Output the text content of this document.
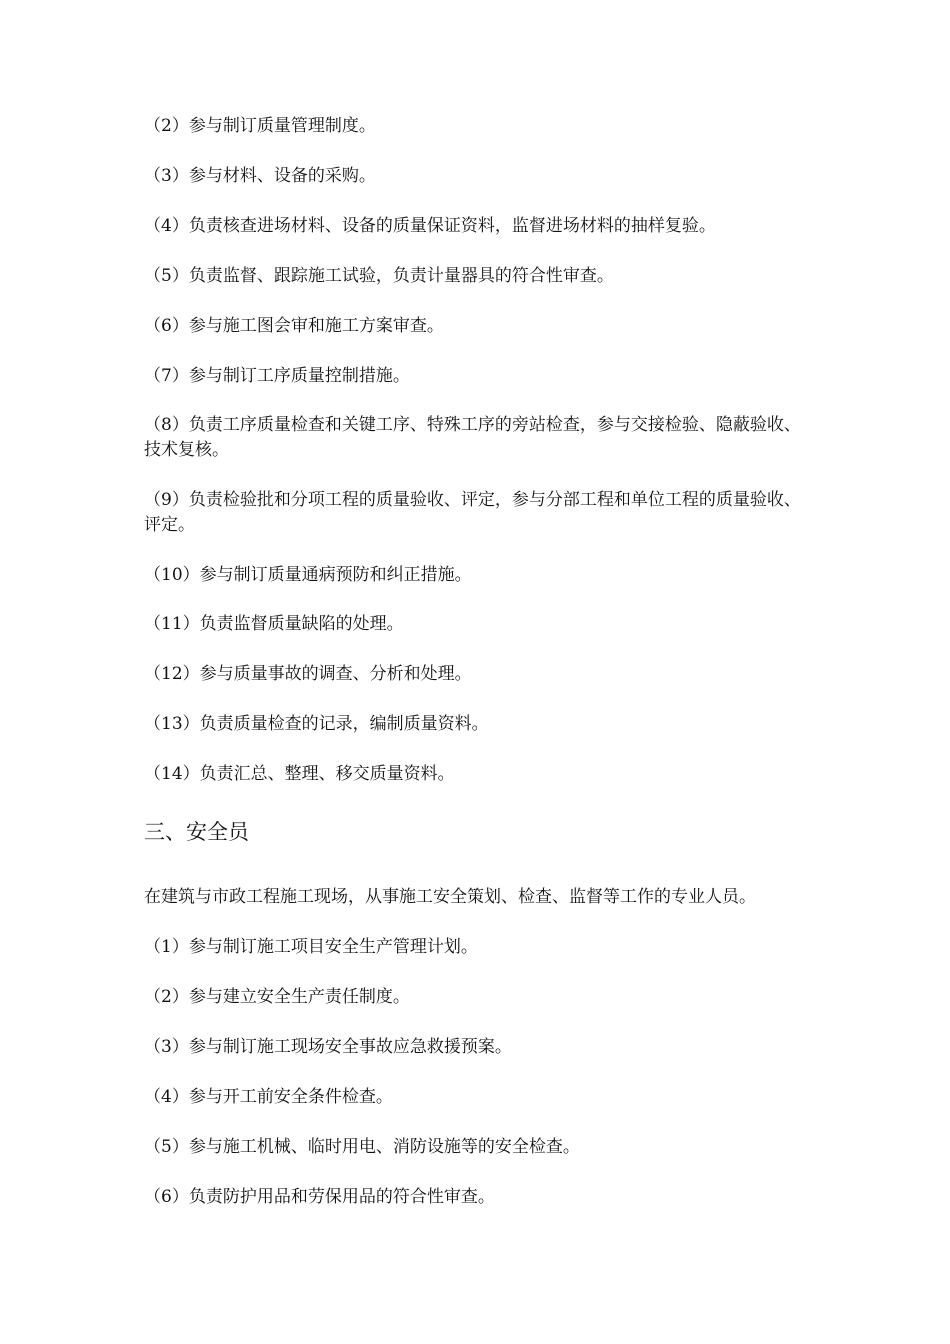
（2）参与制订质量管理制度。

（3）参与材料、设备的采购。

（4）负责核查进场材料、设备的质量保证资料，监督进场材料的抽样复验。

（5）负责监督、跟踪施工试验，负责计量器具的符合性审查。

（6）参与施工图会审和施工方案审查。

（7）参与制订工序质量控制措施。

（8）负责工序质量检查和关键工序、特殊工序的旁站检查，参与交接检验、隐蔽验收、技术复核。

（9）负责检验批和分项工程的质量验收、评定，参与分部工程和单位工程的质量验收、评定。

（10）参与制订质量通病预防和纠正措施。

（11）负责监督质量缺陷的处理。

（12）参与质量事故的调查、分析和处理。

（13）负责质量检查的记录，编制质量资料。

（14）负责汇总、整理、移交质量资料。

三、安全员

在建筑与市政工程施工现场，从事施工安全策划、检查、监督等工作的专业人员。

（1）参与制订施工项目安全生产管理计划。

（2）参与建立安全生产责任制度。

（3）参与制订施工现场安全事故应急救援预案。

（4）参与开工前安全条件检查。

（5）参与施工机械、临时用电、消防设施等的安全检查。

（6）负责防护用品和劳保用品的符合性审查。
